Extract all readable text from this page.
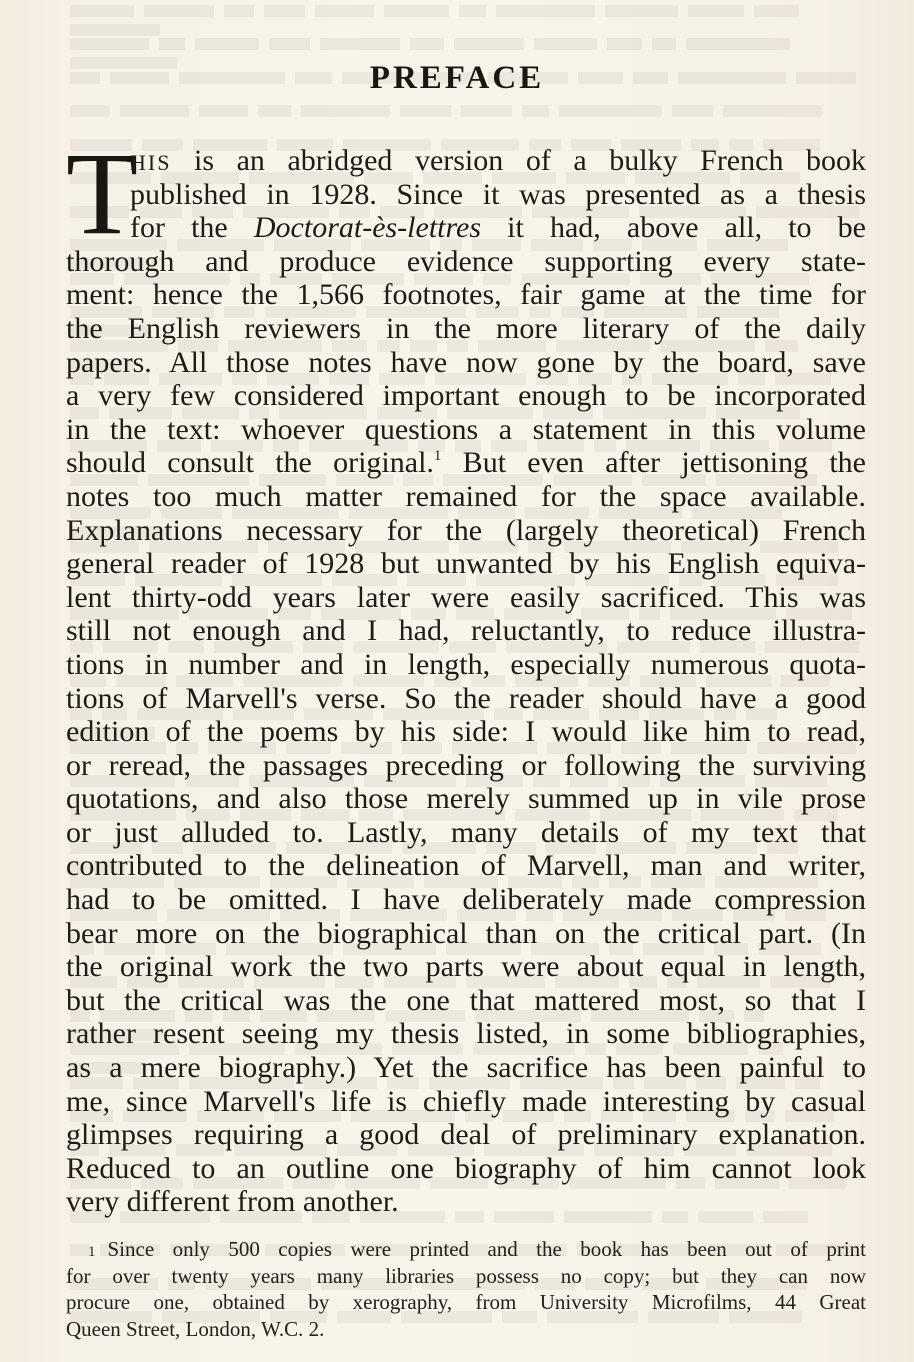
PREFACE
T
HIS is an abridged version of a bulky French book
published in 1928. Since it was presented as a thesis
for the Doctorat-ès-lettres it had, above all, to be
thorough and produce evidence supporting every state-
ment: hence the 1,566 footnotes, fair game at the time for
the English reviewers in the more literary of the daily
papers. All those notes have now gone by the board, save
a very few considered important enough to be incorporated
in the text: whoever questions a statement in this volume
should consult the original.$^1$ But even after jettisoning the
notes too much matter remained for the space available.
Explanations necessary for the (largely theoretical) French
general reader of 1928 but unwanted by his English equiva-
lent thirty-odd years later were easily sacrificed. This was
still not enough and I had, reluctantly, to reduce illustra-
tions in number and in length, especially numerous quota-
tions of Marvell's verse. So the reader should have a good
edition of the poems by his side: I would like him to read,
or reread, the passages preceding or following the surviving
quotations, and also those merely summed up in vile prose
or just alluded to. Lastly, many details of my text that
contributed to the delineation of Marvell, man and writer,
had to be omitted. I have deliberately made compression
bear more on the biographical than on the critical part. (In
the original work the two parts were about equal in length,
but the critical was the one that mattered most, so that I
rather resent seeing my thesis listed, in some bibliographies,
as a mere biography.) Yet the sacrifice has been painful to
me, since Marvell's life is chiefly made interesting by casual
glimpses requiring a good deal of preliminary explanation.
Reduced to an outline one biography of him cannot look
very different from another.
1 Since only 500 copies were printed and the book has been out of print
for over twenty years many libraries possess no copy; but they can now
procure one, obtained by xerography, from University Microfilms, 44 Great
Queen Street, London, W.C. 2.
